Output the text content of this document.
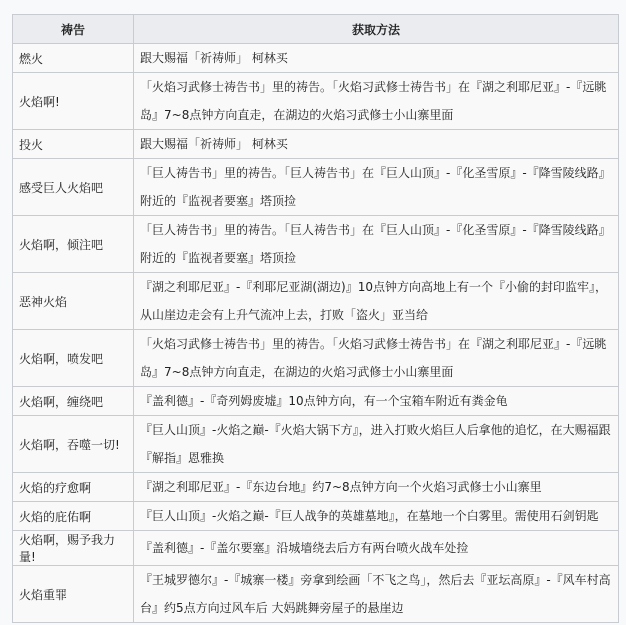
祷告	获取方法
燃火	跟大赐福「祈祷师」 柯林买
火焰啊!	「火焰习武修士祷告书」里的祷告。「火焰习武修士祷告书」在『湖之利耶尼亚』-『远眺岛』7~8点钟方向直走，在湖边的火焰习武修士小山寨里面
投火	跟大赐福「祈祷师」 柯林买
感受巨人火焰吧	「巨人祷告书」里的祷告。「巨人祷告书」在『巨人山顶』-『化圣雪原』-『降雪陵线路』附近的『监视者要塞』塔顶捡
火焰啊，倾注吧	「巨人祷告书」里的祷告。「巨人祷告书」在『巨人山顶』-『化圣雪原』-『降雪陵线路』附近的『监视者要塞』塔顶捡
恶神火焰	『湖之利耶尼亚』-『利耶尼亚湖(湖边)』10点钟方向高地上有一个『小偷的封印监牢』，从山崖边走会有上升气流冲上去，打败「盗火」亚当给
火焰啊，喷发吧	「火焰习武修士祷告书」里的祷告。「火焰习武修士祷告书」在『湖之利耶尼亚』-『远眺岛』7~8点钟方向直走，在湖边的火焰习武修士小山寨里面
火焰啊，缠绕吧	『盖利德』-『奇列姆废墟』10点钟方向，有一个宝箱车附近有粪金龟
火焰啊，吞噬一切!	『巨人山顶』-火焰之巅-『火焰大锅下方』，进入打败火焰巨人后拿他的追忆，在大赐福跟『解指』恩雅换
火焰的疗愈啊	『湖之利耶尼亚』-『东边台地』约7~8点钟方向一个火焰习武修士小山寨里
火焰的庇佑啊	『巨人山顶』-火焰之巅-『巨人战争的英雄墓地』，在墓地一个白雾里。需使用石剑钥匙
火焰啊，赐予我力量!	『盖利德』-『盖尔要塞』沿城墙绕去后方有两台喷火战车处捡
火焰重罪	『王城罗德尔』-『城寨一楼』旁拿到绘画「不飞之鸟」，然后去『亚坛高原』-『风车村高台』约5点方向过风车后 大妈跳舞旁屋子的悬崖边
